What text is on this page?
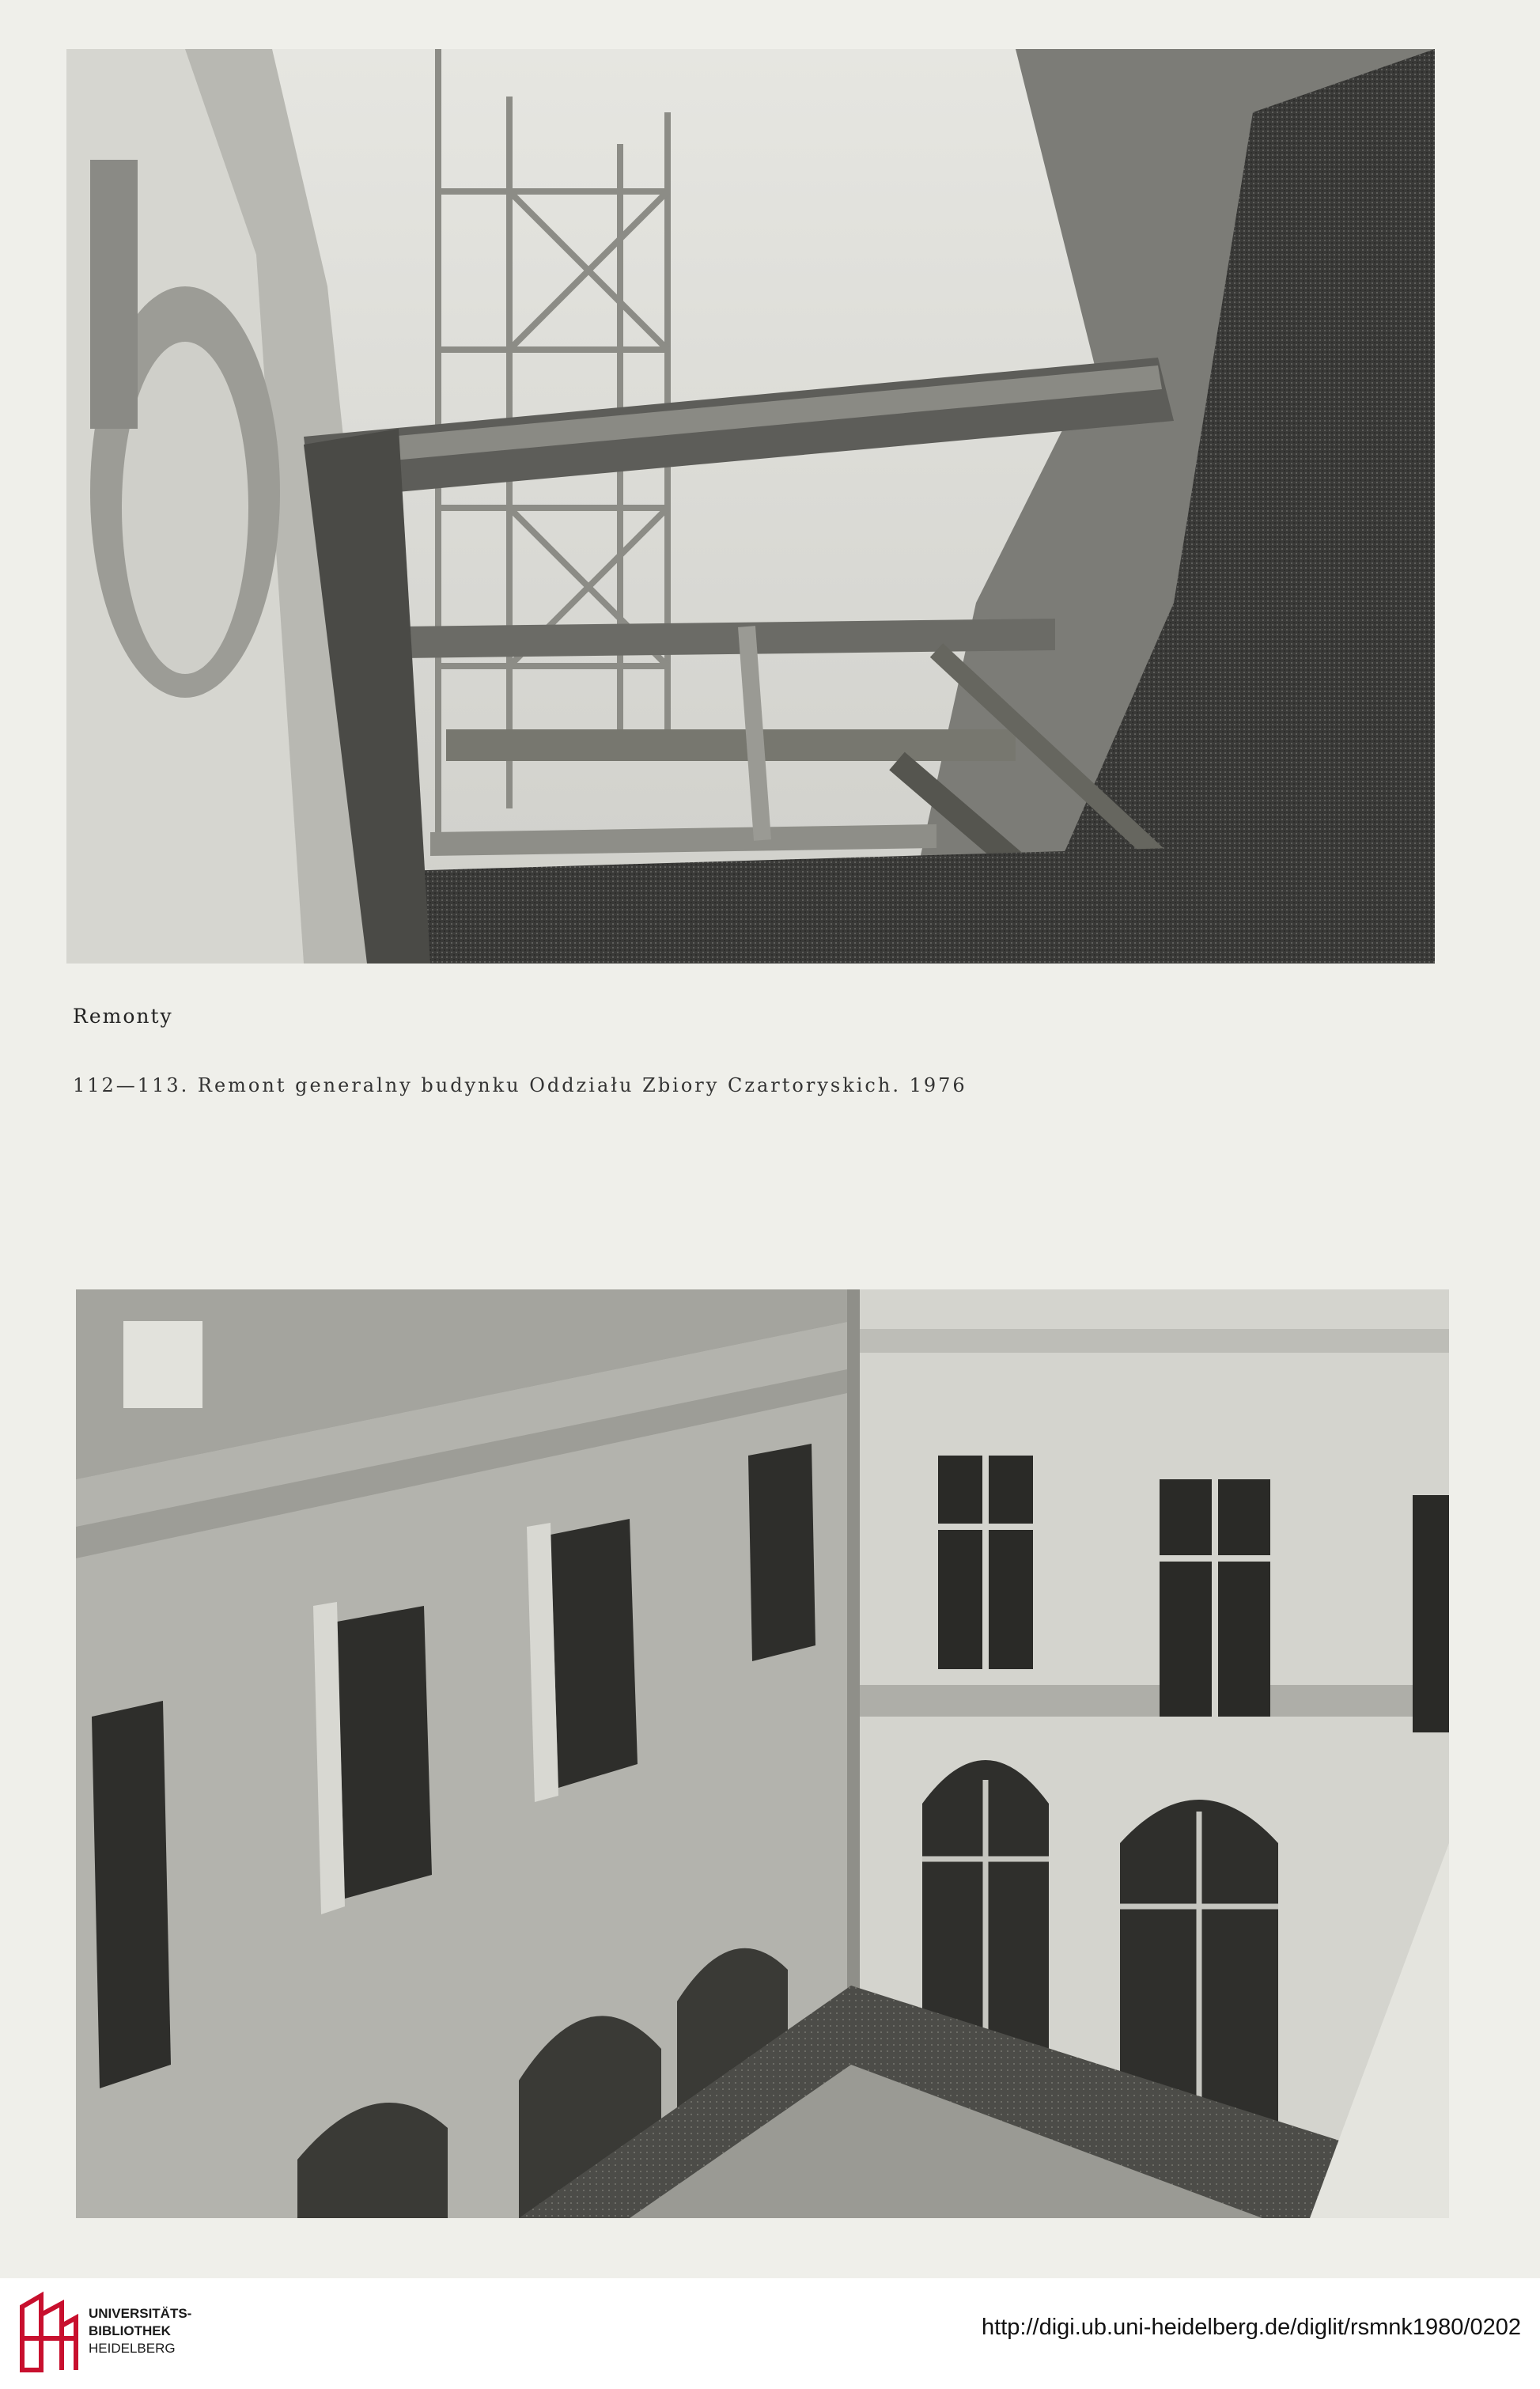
Remonty
112—113. Remont generalny budynku Oddziału Zbiory Czartoryskich. 1976
UNIVERSITÄTS-
BIBLIOTHEK
HEIDELBERG
http://digi.ub.uni-heidelberg.de/diglit/rsmnk1980/0202
